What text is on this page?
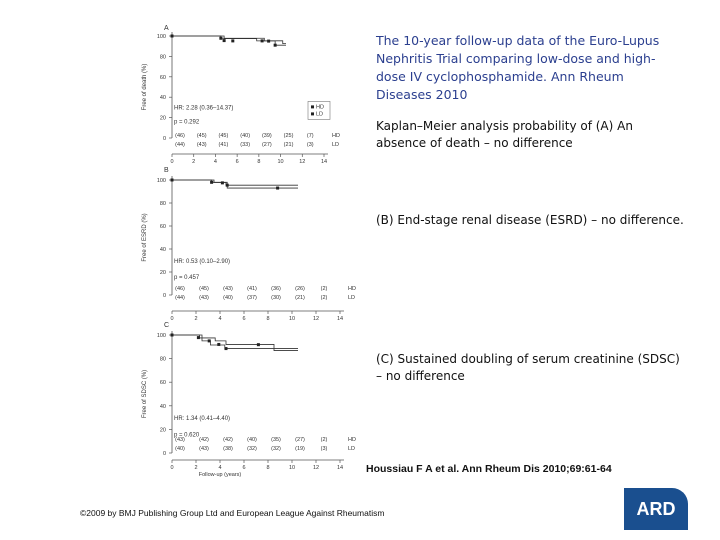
A
0
20
40
60
80
100
0	2	4	6	8	10	12	14
Free of death (%)	HR: 2.28 (0.36–14.37)
p = 0.292
HD
LD
(46) (45) (45) (40) (39) (25) (7)	HD
(44) (43) (41) (33) (27) (21) (3)	LD
B
0
20
40
60
80
100
0	2	4	6	8	10	12	14
Free of ESRD (%)
HR: 0.53 (0.10–2.90)
p = 0.457
(46)	(45)	(43)	(41)	(36)	(26)	(2)	HD
(44)	(43)	(40)	(37)	(30)	(21)	(2)	LD
C
0
20
40
60
80
100
0	2	4	6	8	10	12	14
Free of SDSC (%)
Follow-up (years)
HR: 1.34 (0.41–4.40)
p = 0.620
(43)	(42)	(42)	(40)	(35)	(27)	(2)	HD
(40)	(43)	(38)	(32)	(32)	(19)	(3)	LD
The 10-year follow-up data of the Euro-Lupus Nephritis Trial comparing low-dose and high-dose IV cyclophosphamide. Ann Rheum Diseases 2010
Kaplan–Meier analysis probability of (A) An absence of death – no difference
(B) End-stage renal disease (ESRD) – no difference.
(C) Sustained doubling of serum creatinine (SDSC) – no difference
Houssiau F A et al. Ann Rheum Dis 2010;69:61-64
©2009 by BMJ Publishing Group Ltd and European League Against Rheumatism	ARD
